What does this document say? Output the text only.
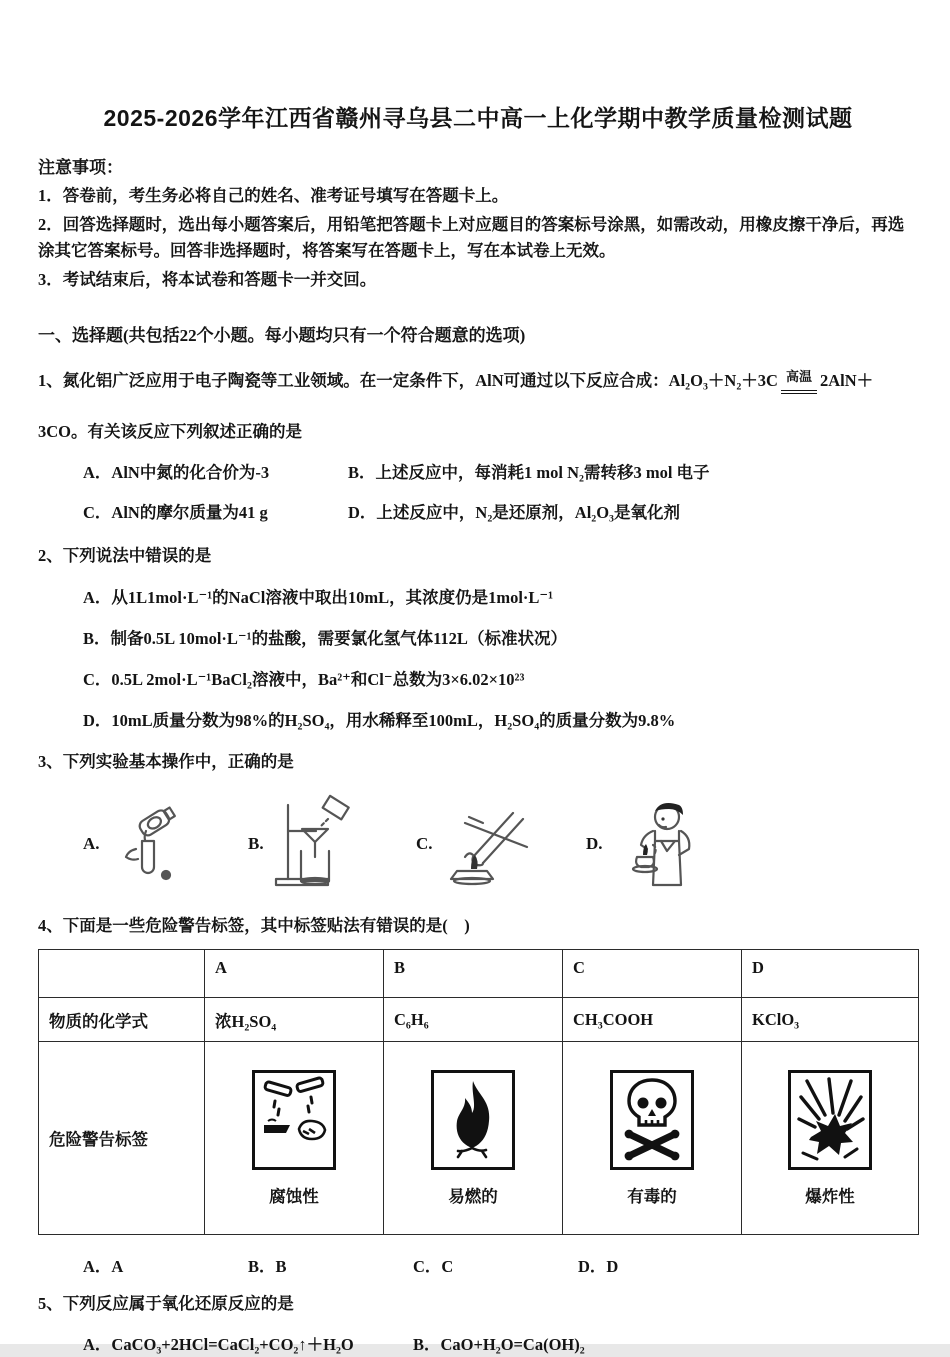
2025-2026学年江西省赣州寻乌县二中高一上化学期中教学质量检测试题
注意事项：
1．答卷前，考生务必将自己的姓名、准考证号填写在答题卡上。
2．回答选择题时，选出每小题答案后，用铅笔把答题卡上对应题目的答案标号涂黑，如需改动，用橡皮擦干净后，再选涂其它答案标号。回答非选择题时，将答案写在答题卡上，写在本试卷上无效。
3．考试结束后，将本试卷和答题卡一并交回。
一、选择题(共包括22个小题。每小题均只有一个符合题意的选项)
1、氮化铝广泛应用于电子陶瓷等工业领域。在一定条件下，AlN可通过以下反应合成：Al₂O₃＋N₂＋3C 高温 2AlN＋
3CO。有关该反应下列叙述正确的是
A．AlN中氮的化合价为-3	B．上述反应中，每消耗1 mol N₂需转移3 mol 电子
C．AlN的摩尔质量为41 g	D．上述反应中，N₂是还原剂，Al₂O₃是氧化剂
2、下列说法中错误的是
A．从1L1mol·L⁻¹的NaCl溶液中取出10mL，其浓度仍是1mol·L⁻¹
B．制备0.5L 10mol·L⁻¹的盐酸，需要氯化氢气体112L（标准状况）
C．0.5L 2mol·L⁻¹BaCl₂溶液中，Ba²⁺和Cl⁻总数为3×6.02×10²³
D．10mL质量分数为98%的H₂SO₄，用水稀释至100mL，H₂SO₄的质量分数为9.8%
3、下列实验基本操作中，正确的是
A.	B.	C.	D.
4、下面是一些危险警告标签，其中标签贴法有错误的是(　)
	A	B	C	D
物质的化学式	浓H₂SO₄	C₆H₆	CH₃COOH	KClO₃
危险警告标签	腐蚀性	易燃的	有毒的	爆炸性
A．A	B．B	C．C	D．D
5、下列反应属于氧化还原反应的是
A．CaCO₃+2HCl=CaCl₂+CO₂↑＋H₂O	B．CaO+H₂O=Ca(OH)₂
